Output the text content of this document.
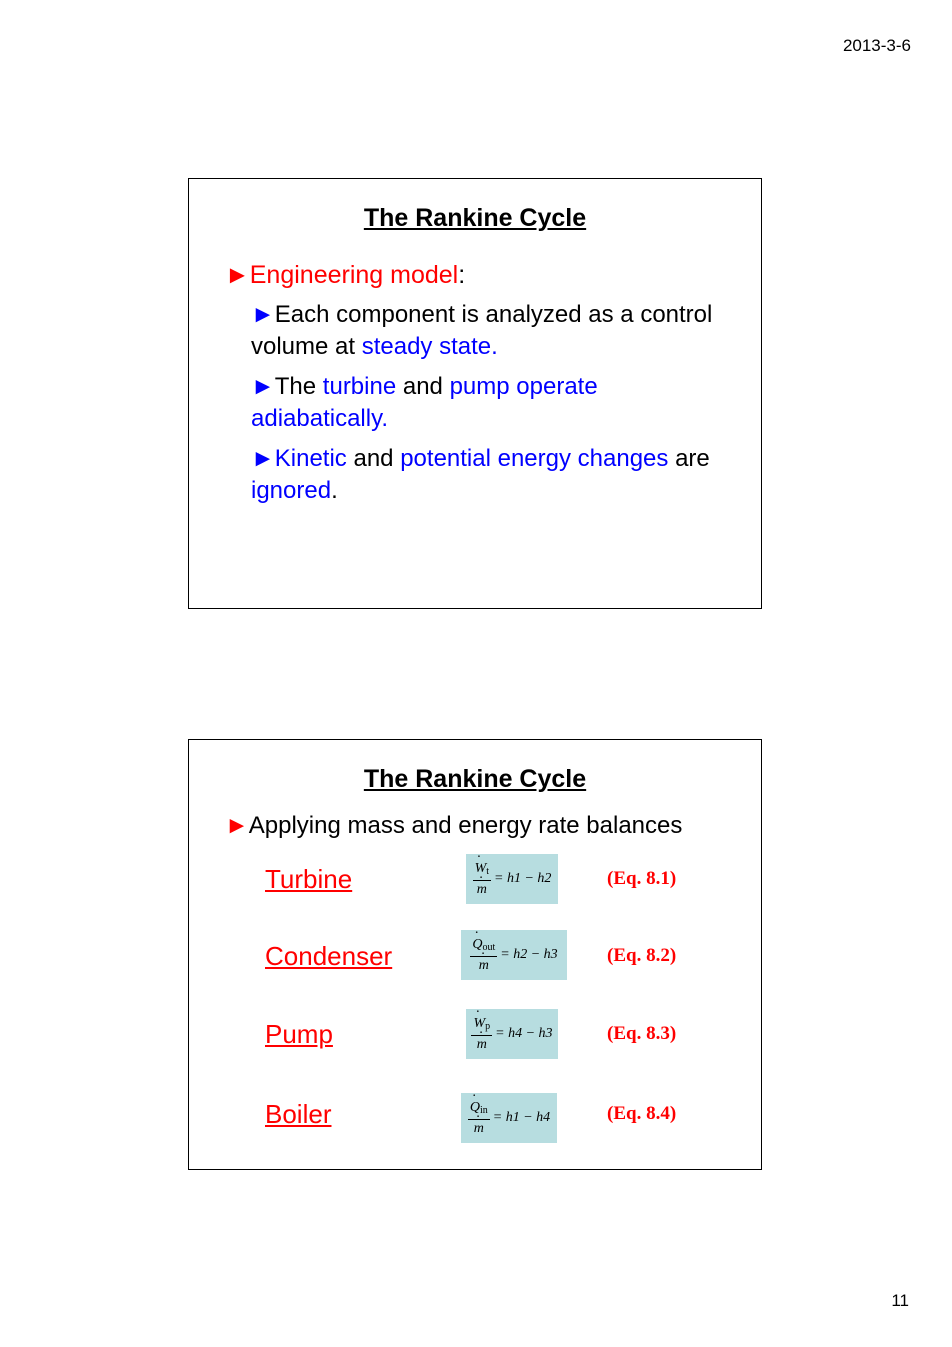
2013-3-6
The Rankine Cycle
►Engineering model:
►Each component is analyzed as a control volume at steady state.
►The turbine and pump operate adiabatically.
►Kinetic and potential energy changes are ignored.
The Rankine Cycle
►Applying mass and energy rate balances
Turbine	· $W_t$
· m = h1 − h2	(Eq. 8.1)
Condenser	· $Q_{out}$
· m = h2 − h3	(Eq. 8.2)
Pump	· $W_p$
· m = h4 − h3	(Eq. 8.3)
Boiler	· $Q_{in}$
· m = h1 − h4	(Eq. 8.4)
11
